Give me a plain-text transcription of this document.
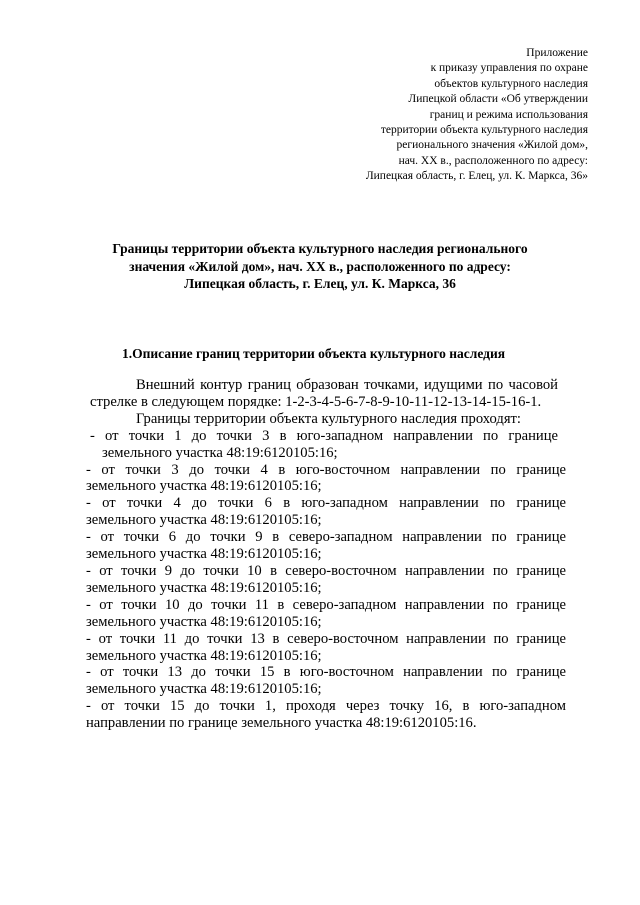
Приложение
к приказу управления по охране
объектов культурного наследия
Липецкой области «Об утверждении
границ и режима использования
территории объекта культурного наследия
регионального значения «Жилой дом»,
нач. XX в., расположенного по адресу:
Липецкая область, г. Елец, ул. К. Маркса, 36»
Границы территории объекта культурного наследия регионального
значения «Жилой дом», нач. XX в., расположенного по адресу:
Липецкая область, г. Елец, ул. К. Маркса, 36
1.Описание границ территории объекта культурного наследия
Внешний контур границ образован точками, идущими по часовой
стрелке в следующем порядке: 1-2-3-4-5-6-7-8-9-10-11-12-13-14-15-16-1.

Границы территории объекта культурного наследия проходят:

- от точки 1 до точки 3 в юго-западном направлении по границе
земельного участка 48:19:6120105:16;
- от точки 3 до точки 4 в юго-восточном направлении по границе
земельного участка 48:19:6120105:16;
- от точки 4 до точки 6 в юго-западном направлении по границе
земельного участка 48:19:6120105:16;
- от точки 6 до точки 9 в северо-западном направлении по границе
земельного участка 48:19:6120105:16;
- от точки 9 до точки 10 в северо-восточном направлении по границе
земельного участка 48:19:6120105:16;
- от точки 10 до точки 11 в северо-западном направлении по границе
земельного участка 48:19:6120105:16;
- от точки 11 до точки 13 в северо-восточном направлении по границе
земельного участка 48:19:6120105:16;
- от точки 13 до точки 15 в юго-восточном направлении по границе
земельного участка 48:19:6120105:16;
- от точки 15 до точки 1, проходя через точку 16, в юго-западном
направлении по границе земельного участка 48:19:6120105:16.
